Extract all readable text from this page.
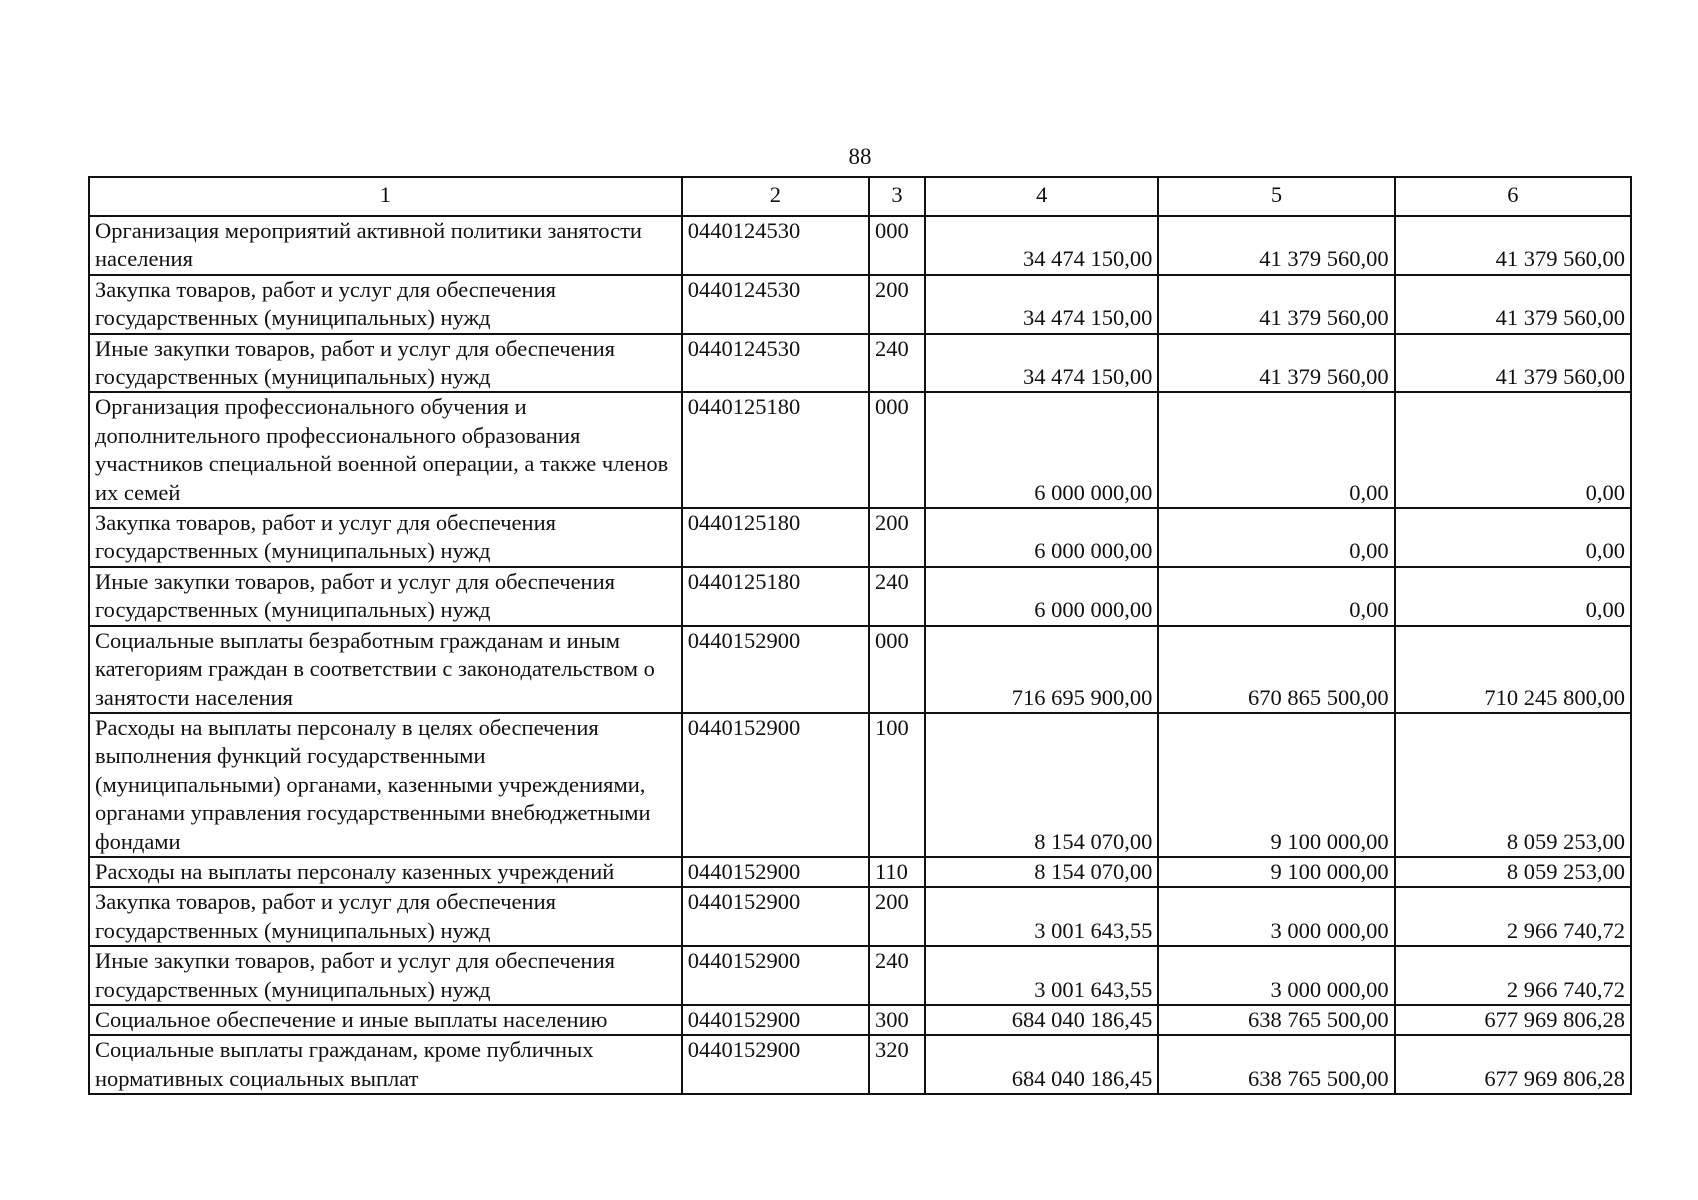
88
1	2	3	4	5	6
Организация мероприятий активной политики занятости населения	0440124530	000	34 474 150,00	41 379 560,00	41 379 560,00
Закупка товаров, работ и услуг для обеспечения государственных (муниципальных) нужд	0440124530	200	34 474 150,00	41 379 560,00	41 379 560,00
Иные закупки товаров, работ и услуг для обеспечения государственных (муниципальных) нужд	0440124530	240	34 474 150,00	41 379 560,00	41 379 560,00
Организация профессионального обучения и дополнительного профессионального образования участников специальной военной операции, а также членов их семей	0440125180	000	6 000 000,00	0,00	0,00
Закупка товаров, работ и услуг для обеспечения государственных (муниципальных) нужд	0440125180	200	6 000 000,00	0,00	0,00
Иные закупки товаров, работ и услуг для обеспечения государственных (муниципальных) нужд	0440125180	240	6 000 000,00	0,00	0,00
Социальные выплаты безработным гражданам и иным категориям граждан в соответствии с законодательством о занятости населения	0440152900	000	716 695 900,00	670 865 500,00	710 245 800,00
Расходы на выплаты персоналу в целях обеспечения выполнения функций государственными (муниципальными) органами, казенными учреждениями, органами управления государственными внебюджетными фондами	0440152900	100	8 154 070,00	9 100 000,00	8 059 253,00
Расходы на выплаты персоналу казенных учреждений	0440152900	110	8 154 070,00	9 100 000,00	8 059 253,00
Закупка товаров, работ и услуг для обеспечения государственных (муниципальных) нужд	0440152900	200	3 001 643,55	3 000 000,00	2 966 740,72
Иные закупки товаров, работ и услуг для обеспечения государственных (муниципальных) нужд	0440152900	240	3 001 643,55	3 000 000,00	2 966 740,72
Социальное обеспечение и иные выплаты населению	0440152900	300	684 040 186,45	638 765 500,00	677 969 806,28
Социальные выплаты гражданам, кроме публичных нормативных социальных выплат	0440152900	320	684 040 186,45	638 765 500,00	677 969 806,28
